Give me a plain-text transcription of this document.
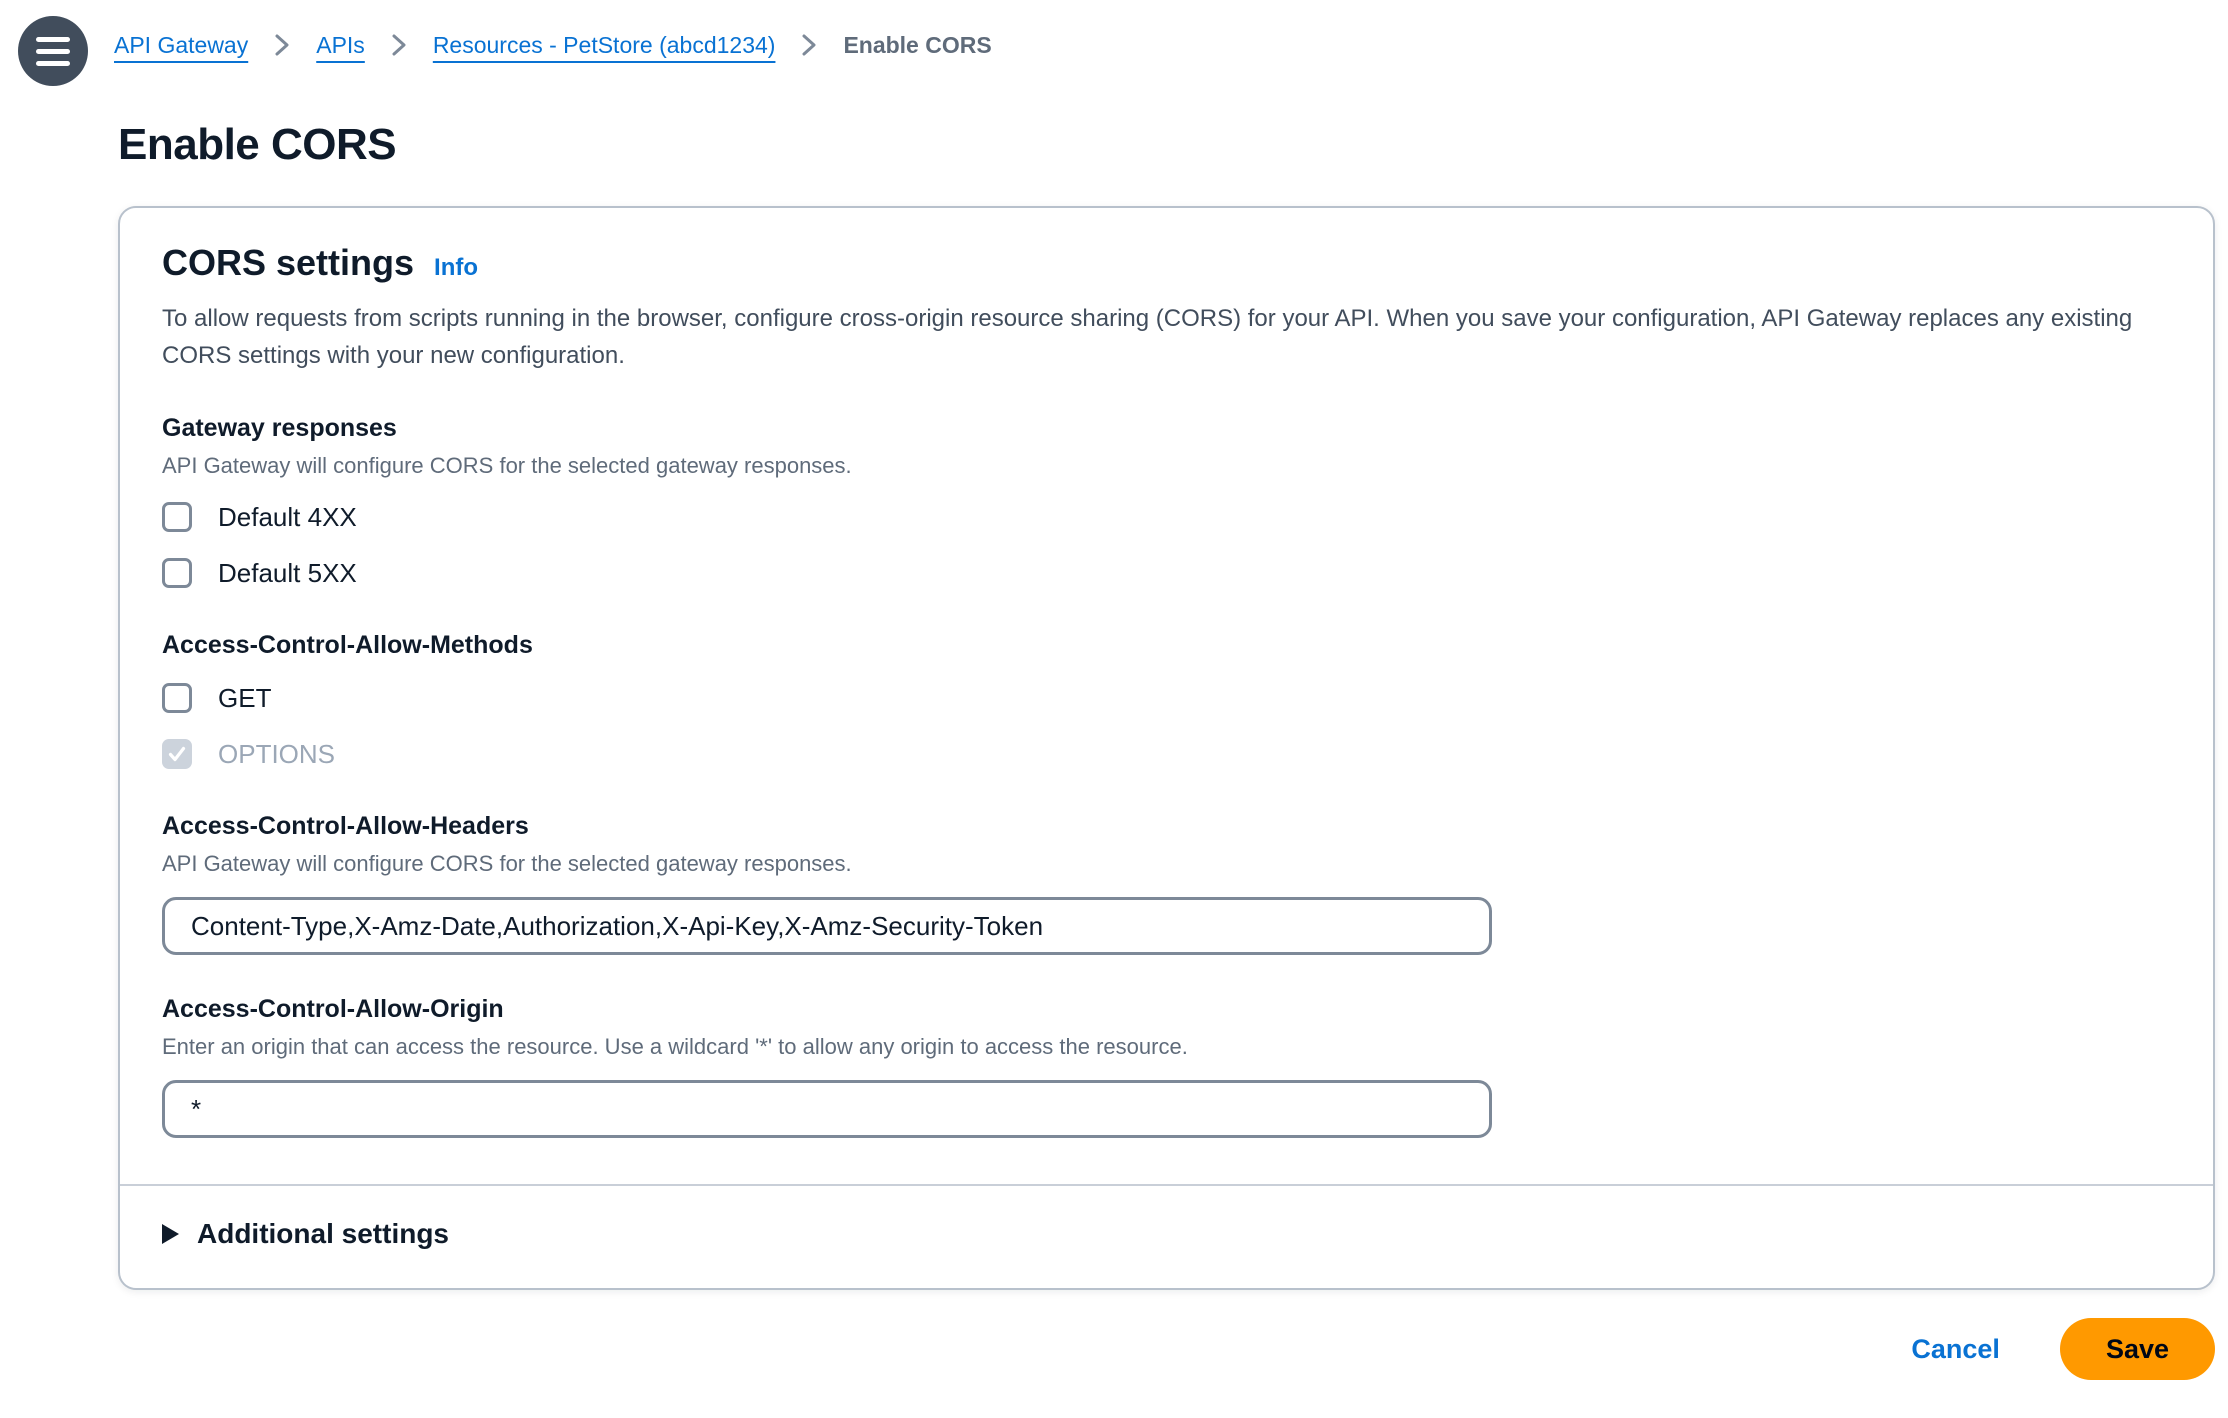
API Gateway	APIs	Resources - PetStore (abcd1234)	Enable CORS
Enable CORS
CORS settings Info

To allow requests from scripts running in the browser, configure cross-origin resource sharing (CORS) for your API. When you save your configuration, API Gateway replaces any existing CORS settings with your new configuration.

Gateway responses
API Gateway will configure CORS for the selected gateway responses.
Default 4XX
Default 5XX
Access-Control-Allow-Methods
GET
OPTIONS
Access-Control-Allow-Headers
API Gateway will configure CORS for the selected gateway responses.
Content-Type,X-Amz-Date,Authorization,X-Api-Key,X-Amz-Security-Token
Access-Control-Allow-Origin
Enter an origin that can access the resource. Use a wildcard '*' to allow any origin to access the resource.
*
Additional settings
Cancel	Save
